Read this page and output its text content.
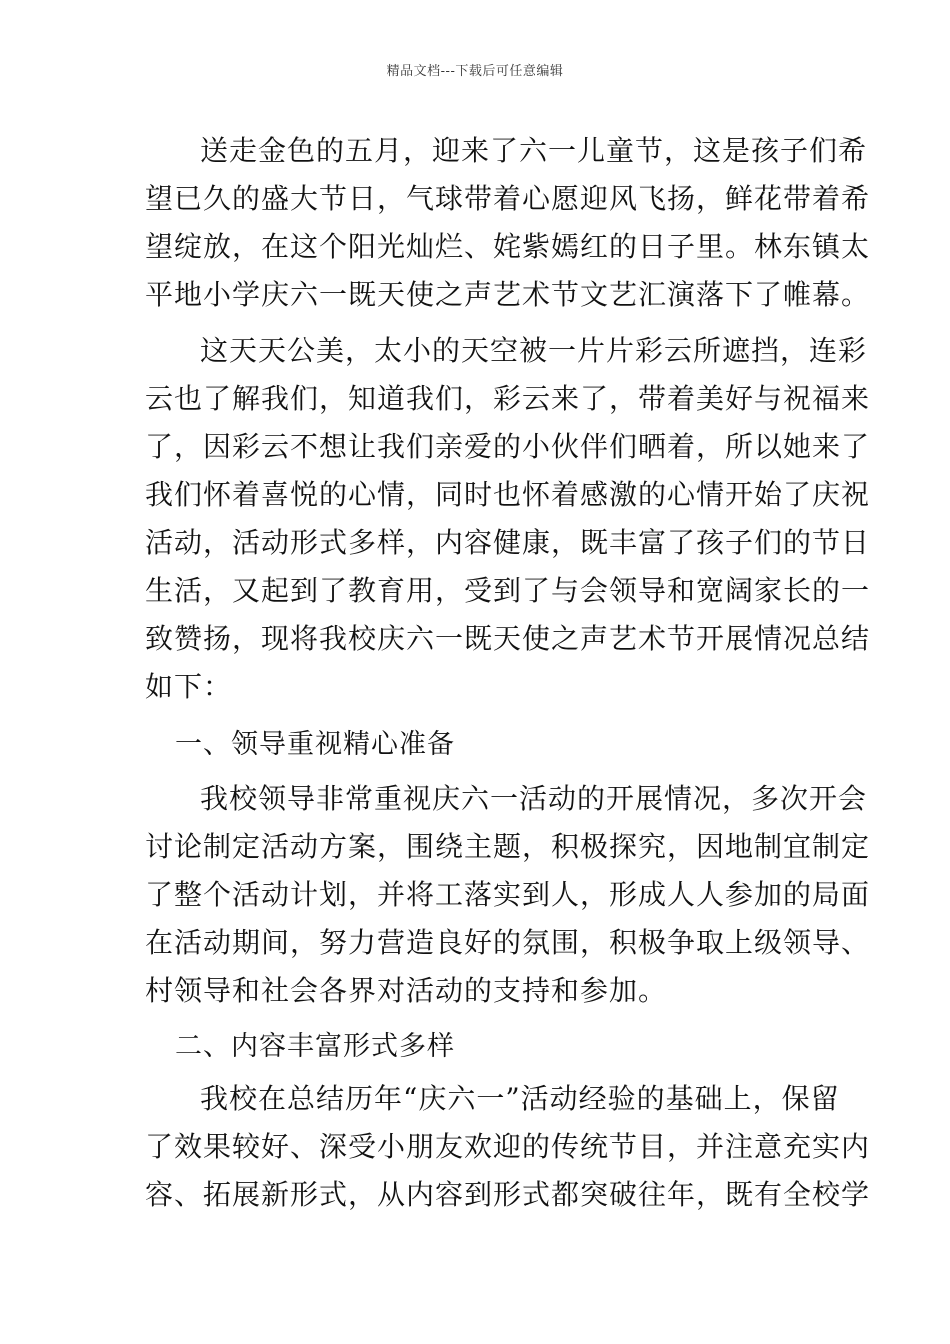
精品文档---下载后可任意编辑
送走金色的五月，迎来了六一儿童节，这是孩子们希
望已久的盛大节日，气球带着心愿迎风飞扬，鲜花带着希
望绽放，在这个阳光灿烂、姹紫嫣红的日子里。林东镇太
平地小学庆六一既天使之声艺术节文艺汇演落下了帷幕。
这天天公美，太小的天空被一片片彩云所遮挡，连彩
云也了解我们，知道我们，彩云来了，带着美好与祝福来
了，因彩云不想让我们亲爱的小伙伴们晒着，所以她来了
我们怀着喜悦的心情，同时也怀着感激的心情开始了庆祝
活动，活动形式多样，内容健康，既丰富了孩子们的节日
生活，又起到了教育用，受到了与会领导和宽阔家长的一
致赞扬，现将我校庆六一既天使之声艺术节开展情况总结
如下：
一、领导重视精心准备
我校领导非常重视庆六一活动的开展情况，多次开会
讨论制定活动方案，围绕主题，积极探究，因地制宜制定
了整个活动计划，并将工落实到人，形成人人参加的局面
在活动期间，努力营造良好的氛围，积极争取上级领导、
村领导和社会各界对活动的支持和参加。
二、内容丰富形式多样
我校在总结历年“庆六一”活动经验的基础上，保留
了效果较好、深受小朋友欢迎的传统节目，并注意充实内
容、拓展新形式，从内容到形式都突破往年，既有全校学
